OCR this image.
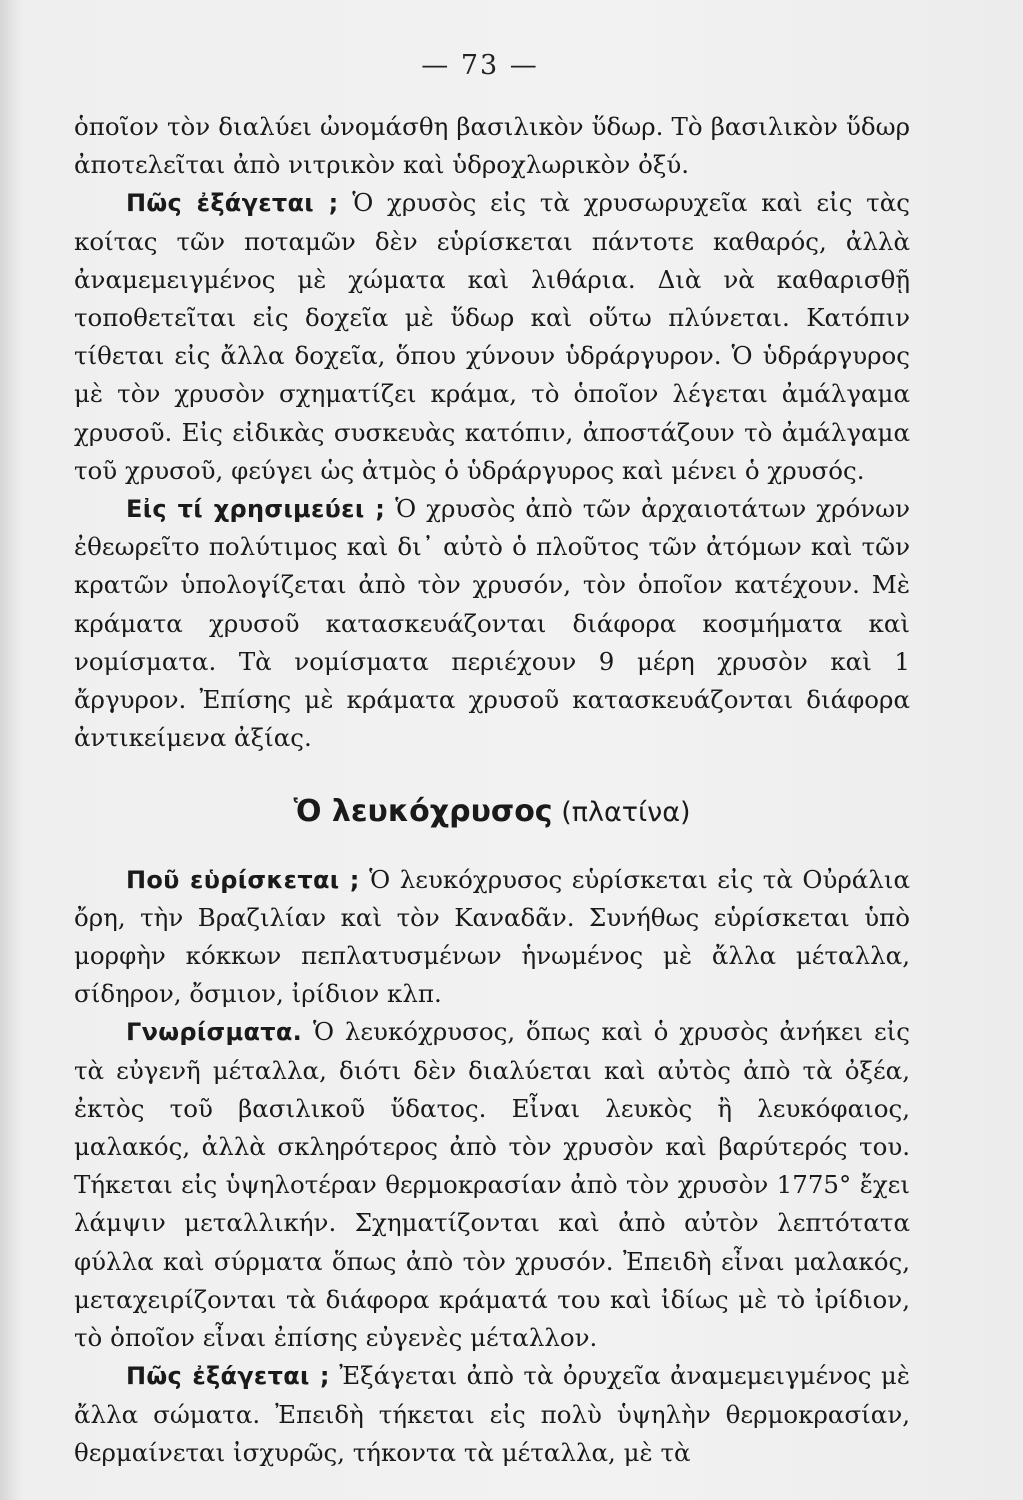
— 73 —

ὁποῖον τὸν διαλύει ὠνομάσθη βασιλικὸν ὕδωρ. Τὸ βασιλικὸν ὕδωρ ἀποτελεῖται ἀπὸ νιτρικὸν καὶ ὑδροχλωρικὸν ὀξύ.

Πῶς ἐξάγεται ; Ὁ χρυσὸς εἰς τὰ χρυσωρυχεῖα καὶ εἰς τὰς κοίτας τῶν ποταμῶν δὲν εὑρίσκεται πάντοτε καθαρός, ἀλλὰ ἀναμεμειγμένος μὲ χώματα καὶ λιθάρια. Διὰ νὰ καθαρισθῇ τοποθετεῖται εἰς δοχεῖα μὲ ὕδωρ καὶ οὕτω πλύνεται. Κατόπιν τίθεται εἰς ἄλλα δοχεῖα, ὅπου χύνουν ὑδράργυρον. Ὁ ὑδράργυρος μὲ τὸν χρυσὸν σχηματίζει κράμα, τὸ ὁποῖον λέγεται ἀμάλγαμα χρυσοῦ. Εἰς εἰδικὰς συσκευὰς κατόπιν, ἀποστάζουν τὸ ἀμάλγαμα τοῦ χρυσοῦ, φεύγει ὡς ἀτμὸς ὁ ὑδράργυρος καὶ μένει ὁ χρυσός.

Εἰς τί χρησιμεύει ; Ὁ χρυσὸς ἀπὸ τῶν ἀρχαιοτάτων χρόνων ἐθεωρεῖτο πολύτιμος καὶ δι᾽ αὐτὸ ὁ πλοῦτος τῶν ἀτόμων καὶ τῶν κρατῶν ὑπολογίζεται ἀπὸ τὸν χρυσόν, τὸν ὁποῖον κατέχουν. Μὲ κράματα χρυσοῦ κατασκευάζονται διάφορα κοσμήματα καὶ νομίσματα. Τὰ νομίσματα περιέχουν 9 μέρη χρυσὸν καὶ 1 ἄργυρον. Ἐπίσης μὲ κράματα χρυσοῦ κατασκευάζονται διάφορα ἀντικείμενα ἀξίας.

Ὁ λευκόχρυσος (πλατίνα)

Ποῦ εὑρίσκεται ; Ὁ λευκόχρυσος εὑρίσκεται εἰς τὰ Οὐράλια ὄρη, τὴν Βραζιλίαν καὶ τὸν Καναδᾶν. Συνήθως εὑρίσκεται ὑπὸ μορφὴν κόκκων πεπλατυσμένων ἡνωμένος μὲ ἄλλα μέταλλα, σίδηρον, ὄσμιον, ἰρίδιον κλπ.

Γνωρίσματα. Ὁ λευκόχρυσος, ὅπως καὶ ὁ χρυσὸς ἀνήκει εἰς τὰ εὐγενῆ μέταλλα, διότι δὲν διαλύεται καὶ αὐτὸς ἀπὸ τὰ ὀξέα, ἐκτὸς τοῦ βασιλικοῦ ὕδατος. Εἶναι λευκὸς ἢ λευκόφαιος, μαλακός, ἀλλὰ σκληρότερος ἀπὸ τὸν χρυσὸν καὶ βαρύτερός του. Τήκεται εἰς ὑψηλοτέραν θερμοκρασίαν ἀπὸ τὸν χρυσὸν 1775° ἔχει λάμψιν μεταλλικήν. Σχηματίζονται καὶ ἀπὸ αὐτὸν λεπτότατα φύλλα καὶ σύρματα ὅπως ἀπὸ τὸν χρυσόν. Ἐπειδὴ εἶναι μαλακός, μεταχειρίζονται τὰ διάφορα κράματά του καὶ ἰδίως μὲ τὸ ἰρίδιον, τὸ ὁποῖον εἶναι ἐπίσης εὐγενὲς μέταλλον.

Πῶς ἐξάγεται ; Ἐξάγεται ἀπὸ τὰ ὀρυχεῖα ἀναμεμειγμένος μὲ ἄλλα σώματα. Ἐπειδὴ τήκεται εἰς πολὺ ὑψηλὴν θερμοκρασίαν, θερμαίνεται ἰσχυρῶς, τήκοντα τὰ μέταλλα, μὲ τὰ
